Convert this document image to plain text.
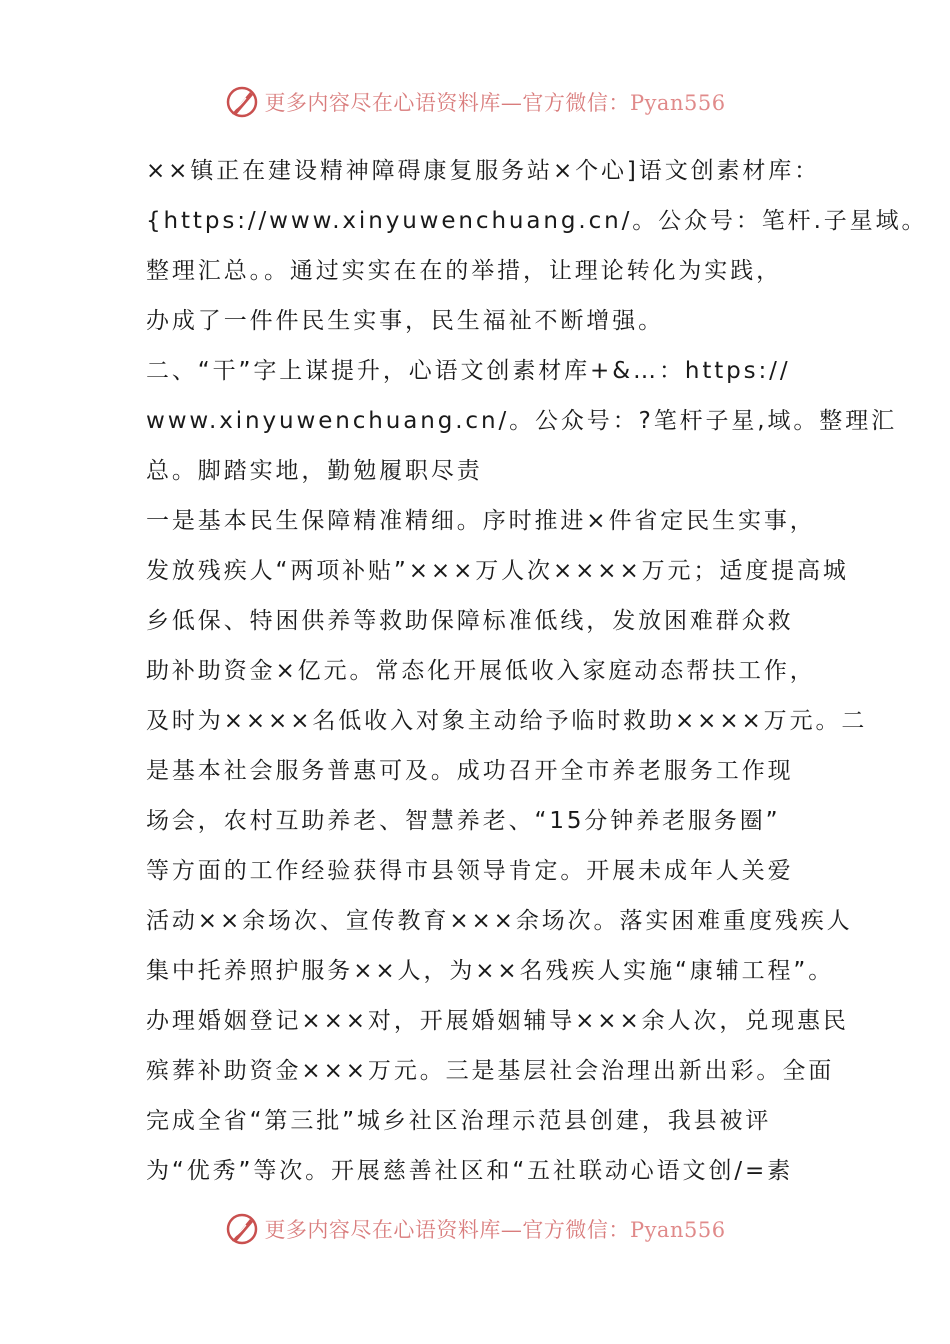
更多内容尽在心语资料库—官方微信：Pyan556
××镇正在建设精神障碍康复服务站×个心]语文创素材库：
{https://www.xinyuwenchuang.cn/。公众号：笔杆.子星域。
整理汇总。。通过实实在在的举措，让理论转化为实践，
办成了一件件民生实事，民生福祉不断增强。
二、“干”字上谋提升，心语文创素材库+&…：https://
www.xinyuwenchuang.cn/。公众号：?笔杆子星,域。整理汇
总。脚踏实地，勤勉履职尽责
一是基本民生保障精准精细。序时推进×件省定民生实事，
发放残疾人“两项补贴”×××万人次××××万元；适度提高城
乡低保、特困供养等救助保障标准低线，发放困难群众救
助补助资金×亿元。常态化开展低收入家庭动态帮扶工作，
及时为××××名低收入对象主动给予临时救助××××万元。二
是基本社会服务普惠可及。成功召开全市养老服务工作现
场会，农村互助养老、智慧养老、“15分钟养老服务圈”
等方面的工作经验获得市县领导肯定。开展未成年人关爱
活动××余场次、宣传教育×××余场次。落实困难重度残疾人
集中托养照护服务××人，为××名残疾人实施“康辅工程”。
办理婚姻登记×××对，开展婚姻辅导×××余人次，兑现惠民
殡葬补助资金×××万元。三是基层社会治理出新出彩。全面
完成全省“第三批”城乡社区治理示范县创建，我县被评
为“优秀”等次。开展慈善社区和“五社联动心语文创/=素
更多内容尽在心语资料库—官方微信：Pyan556
